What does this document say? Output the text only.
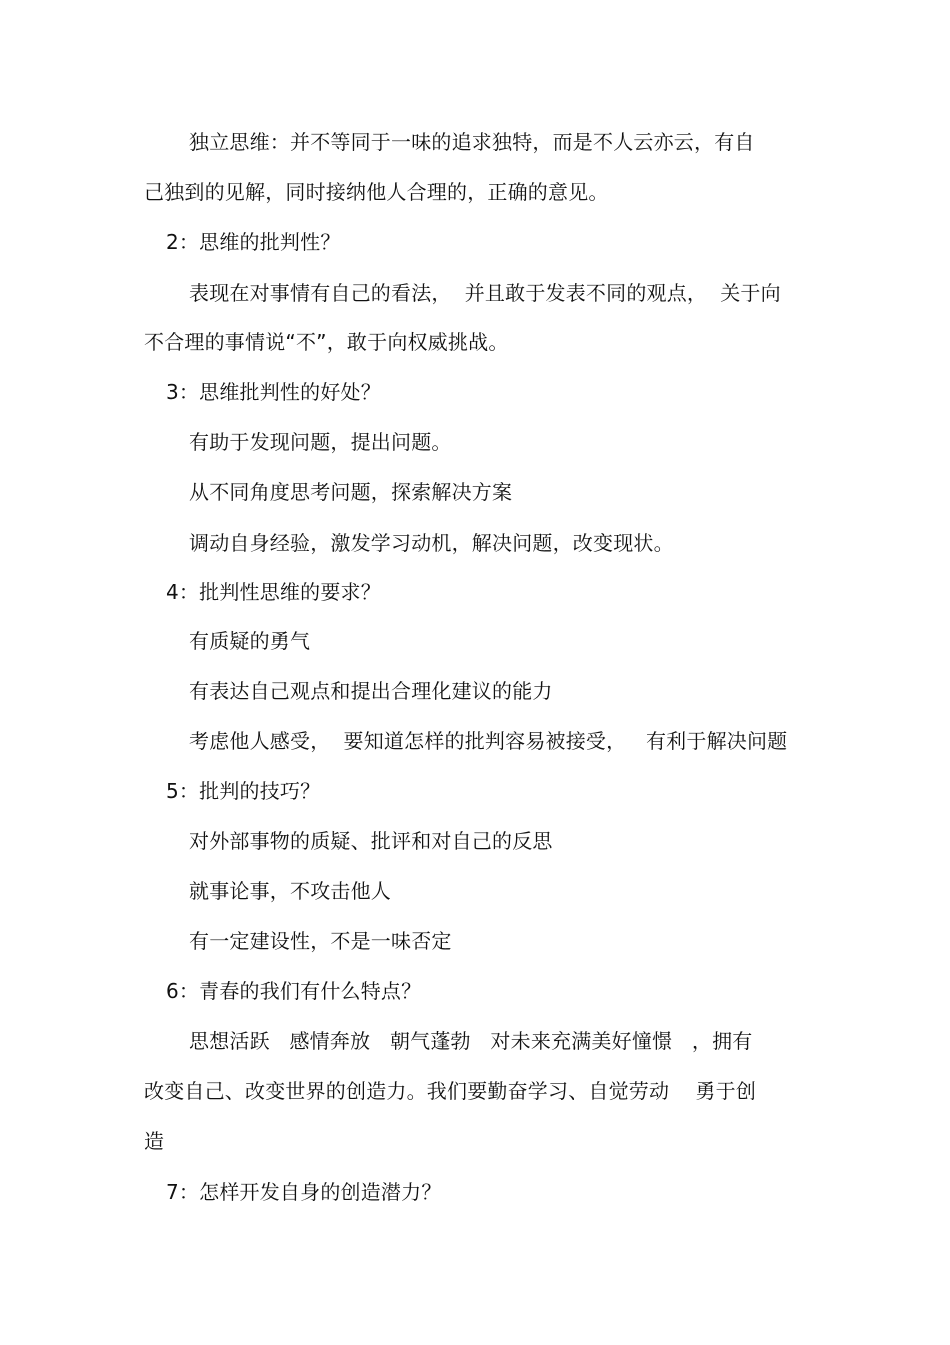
独立思维：并不等同于一味的追求独特，而是不人云亦云，有自
己独到的见解，同时接纳他人合理的，正确的意见。
2：思维的批判性？
表现在对事情有自己的看法，  并且敢于发表不同的观点，  关于向
不合理的事情说“不”，敢于向权威挑战。
3：思维批判性的好处？
有助于发现问题，提出问题。
从不同角度思考问题，探索解决方案
调动自身经验，激发学习动机，解决问题，改变现状。
4：批判性思维的要求？
有质疑的勇气
有表达自己观点和提出合理化建议的能力
考虑他人感受，  要知道怎样的批判容易被接受，   有利于解决问题
5：批判的技巧？
对外部事物的质疑、批评和对自己的反思
就事论事，不攻击他人
有一定建设性，不是一味否定
6：青春的我们有什么特点？
思想活跃   感情奔放   朝气蓬勃   对未来充满美好憧憬   ，拥有
改变自己、改变世界的创造力。我们要勤奋学习、自觉劳动    勇于创
造
7：怎样开发自身的创造潜力？
